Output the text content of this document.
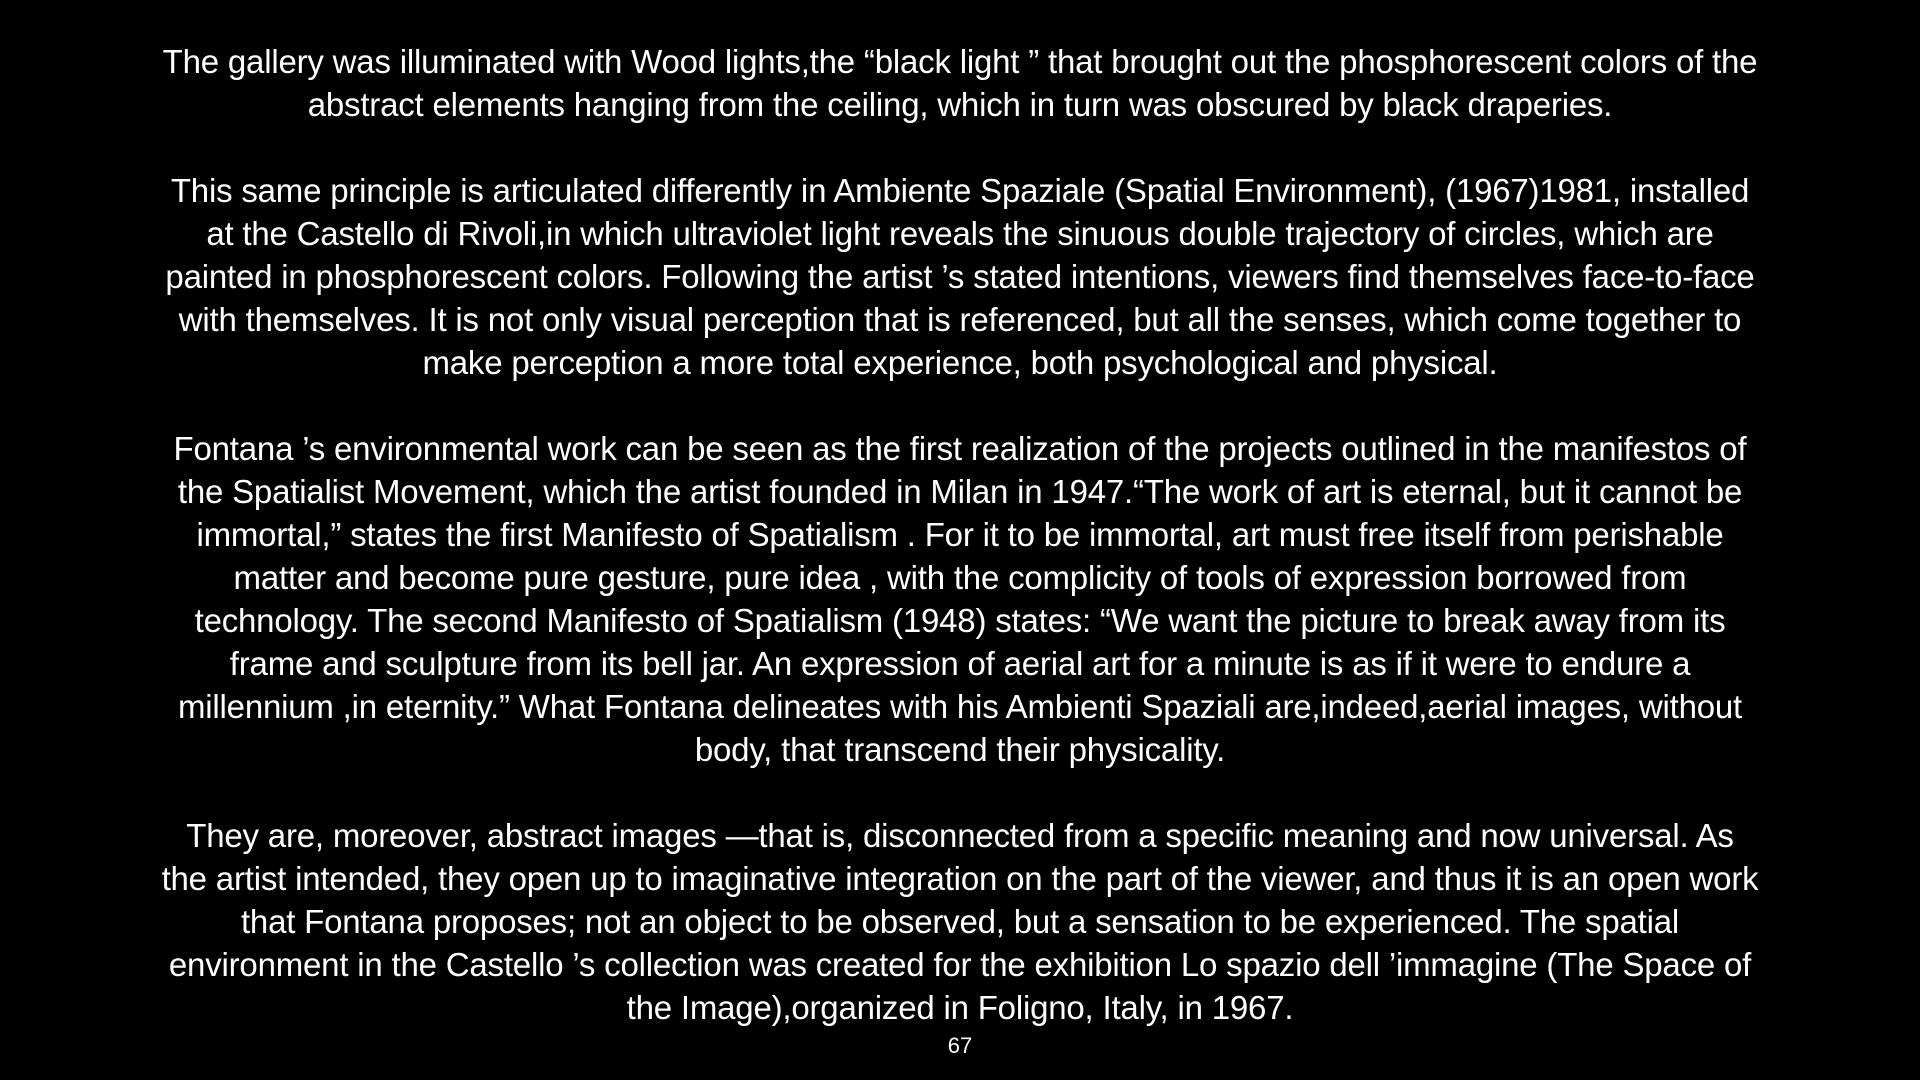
The gallery was illuminated with Wood lights,the “black light ” that brought out the phosphorescent colors of the
abstract elements hanging from the ceiling, which in turn was obscured by black draperies.

This same principle is articulated differently in Ambiente Spaziale (Spatial Environment), (1967)1981, installed
at the Castello di Rivoli,in which ultraviolet light reveals the sinuous double trajectory of circles, which are
painted in phosphorescent colors. Following the artist ’s stated intentions, viewers find themselves face-to-face
with themselves. It is not only visual perception that is referenced, but all the senses, which come together to
make perception a more total experience, both psychological and physical.

Fontana ’s environmental work can be seen as the first realization of the projects outlined in the manifestos of
the Spatialist Movement, which the artist founded in Milan in 1947.“The work of art is eternal, but it cannot be
immortal,” states the first Manifesto of Spatialism . For it to be immortal, art must free itself from perishable
matter and become pure gesture, pure idea , with the complicity of tools of expression borrowed from
technology. The second Manifesto of Spatialism (1948) states: “We want the picture to break away from its
frame and sculpture from its bell jar. An expression of aerial art for a minute is as if it were to endure a
millennium ,in eternity.” What Fontana delineates with his Ambienti Spaziali are,indeed,aerial images, without
body, that transcend their physicality.

They are, moreover, abstract images —that is, disconnected from a specific meaning and now universal. As
the artist intended, they open up to imaginative integration on the part of the viewer, and thus it is an open work
that Fontana proposes; not an object to be observed, but a sensation to be experienced. The spatial
environment in the Castello ’s collection was created for the exhibition Lo spazio dell ’immagine (The Space of
the Image),organized in Foligno, Italy, in 1967.

67
